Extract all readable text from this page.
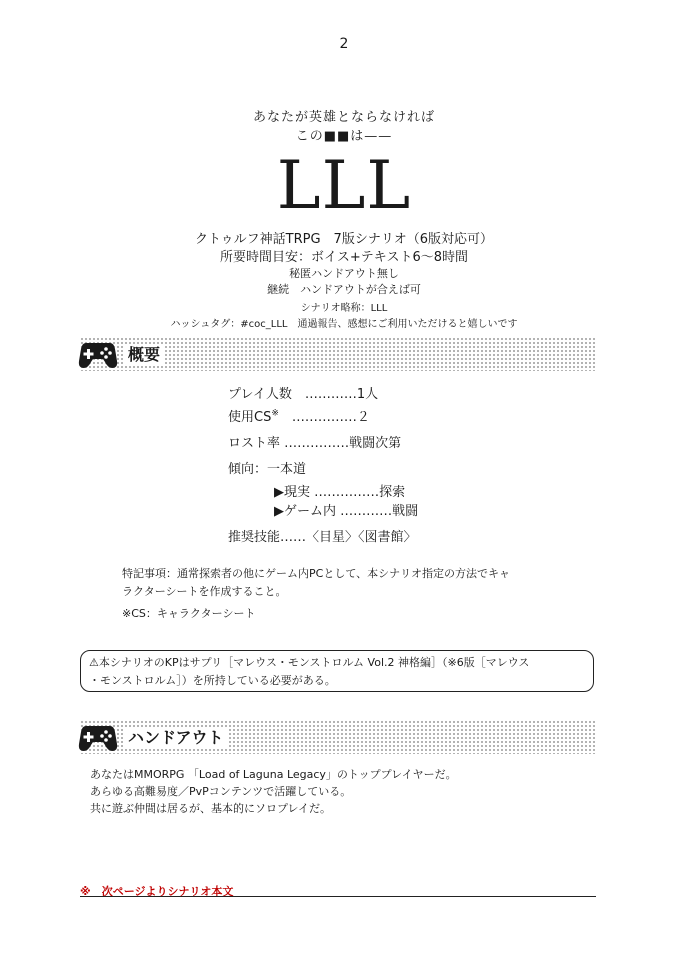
2
あなたが英雄とならなければ
この■■は——
LLL
クトゥルフ神話TRPG　7版シナリオ（6版対応可）
所要時間目安：ボイス+テキスト6～8時間
秘匿ハンドアウト無し
継続　ハンドアウトが合えば可
シナリオ略称：LLL
ハッシュタグ：#coc_LLL　通過報告、感想にご利用いただけると嬉しいです
概要
プレイ人数　…………1人
使用CS※　……………２
ロスト率 ……………戦闘次第
傾向：一本道
▶現実 ……………探索
▶ゲーム内 …………戦闘
推奨技能……〈目星〉〈図書館〉
特記事項：通常探索者の他にゲーム内PCとして、本シナリオ指定の方法でキャ
ラクターシートを作成すること。
※CS：キャラクターシート
⚠本シナリオのKPはサプリ［マレウス・モンストロルム Vol.2 神格編］（※6版［マレウス
・モンストロルム］）を所持している必要がある。
ハンドアウト
あなたはMMORPG 「Load of Laguna Legacy」のトッププレイヤーだ。
あらゆる高難易度／PvPコンテンツで活躍している。
共に遊ぶ仲間は居るが、基本的にソロプレイだ。
※　次ページよりシナリオ本文
